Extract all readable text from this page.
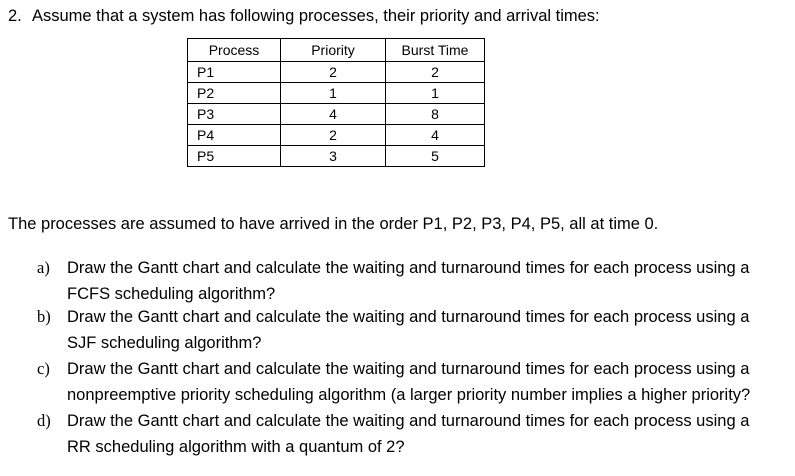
2. Assume that a system has following processes, their priority and arrival times:
Process	Priority	Burst Time
P1	2	2
P2	1	1
P3	4	8
P4	2	4
P5	3	5
The processes are assumed to have arrived in the order P1, P2, P3, P4, P5, all at time 0.
a)	Draw the Gantt chart and calculate the waiting and turnaround times for each process using a
FCFS scheduling algorithm?
b) Draw the Gantt chart and calculate the waiting and turnaround times for each process using a
SJF scheduling algorithm?
c)	Draw the Gantt chart and calculate the waiting and turnaround times for each process using a
nonpreemptive priority scheduling algorithm (a larger priority number implies a higher priority?
d) Draw the Gantt chart and calculate the waiting and turnaround times for each process using a
RR scheduling algorithm with a quantum of 2?
